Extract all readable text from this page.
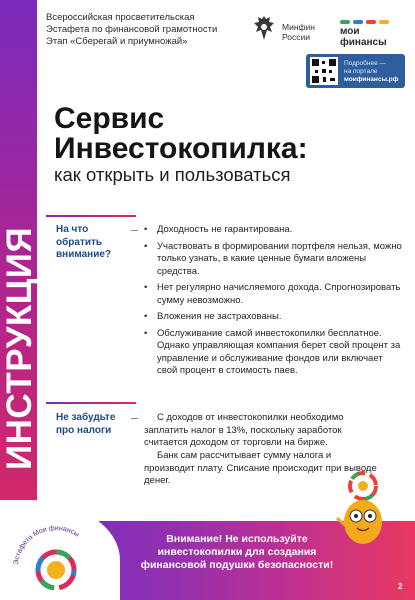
ИНСТРУКЦИЯ
Всероссийская просветительская
Эстафета по финансовой грамотности
Этап «Сберегай и приумножай»
Минфин
России	мои финансы
Подробнее —
на портале
моифинансы.рф
Сервис
Инвестокопилка:
как открыть и пользоваться
На что
обратить
внимание?
• Доходность не гарантирована.
• Участвовать в формировании портфеля нельзя, можно только узнать, в какие ценные бумаги вложены средства.
• Нет регулярно начисляемого дохода. Спрогнозировать сумму невозможно.
• Вложения не застрахованы.
• Обслуживание самой инвестокопилки бесплатное. Однако управляющая компания берет свой процент за управление и обслуживание фондов или включает свой процент в стоимость паев.
Не забудьте
про налоги

С доходов от инвестокопилки необходимо заплатить налог в 13%, поскольку заработок считается доходом от торговли на бирже.

Банк сам рассчитывает сумму налога и производит плату. Списание происходит при выводе денег.

Эстафета Мои финансы	Внимание! Не используйте
инвестокопилки для создания
финансовой подушки безопасности!
2
